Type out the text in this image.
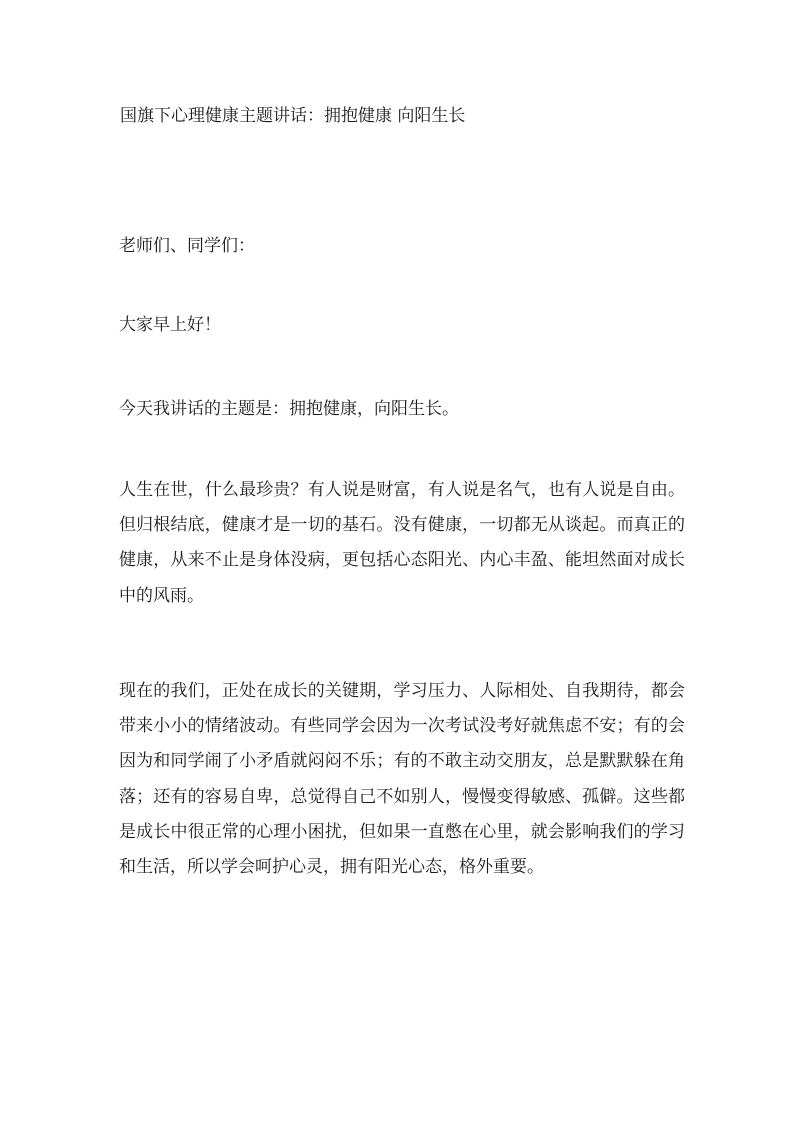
国旗下心理健康主题讲话：拥抱健康 向阳生长
老师们、同学们：
大家早上好！
今天我讲话的主题是：拥抱健康，向阳生长。

人生在世，什么最珍贵？有人说是财富，有人说是名气，也有人说是自由。但归根结底，健康才是一切的基石。没有健康，一切都无从谈起。而真正的健康，从来不止是身体没病，更包括心态阳光、内心丰盈、能坦然面对成长中的风雨。

现在的我们，正处在成长的关键期，学习压力、人际相处、自我期待，都会带来小小的情绪波动。有些同学会因为一次考试没考好就焦虑不安；有的会因为和同学闹了小矛盾就闷闷不乐；有的不敢主动交朋友，总是默默躲在角落；还有的容易自卑，总觉得自己不如别人，慢慢变得敏感、孤僻。这些都是成长中很正常的心理小困扰，但如果一直憋在心里，就会影响我们的学习和生活，所以学会呵护心灵，拥有阳光心态，格外重要。
